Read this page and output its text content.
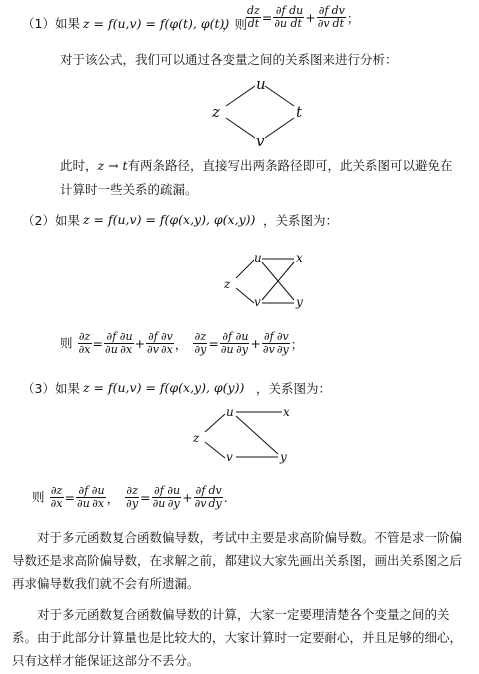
（1）如果 z = f(u,v) = f(φ(t), φ(t))
，则
$\frac{dz}{dt} = \frac{\partial f}{\partial u} \frac{du}{dt} + \frac{\partial f}{\partial v} \frac{dv}{dt}$ ；
对于该公式，我们可以通过各变量之间的关系图来进行分析：
z
u
v
t
z
u
v
x
y
z
u
v
x
y
此时，z → t有两条路径，直接写出两条路径即可，此关系图可以避免在
计算时一些关系的疏漏。
（2）如果 z = f(u,v) = f(φ(x,y), φ(x,y)) ，关系图为：
则 $\frac{\partial z}{\partial x} = \frac{\partial f}{\partial u} \frac{\partial u}{\partial x} + \frac{\partial f}{\partial v} \frac{\partial v}{\partial x}$ ， $\frac{\partial z}{\partial y} = \frac{\partial f}{\partial u} \frac{\partial u}{\partial y} + \frac{\partial f}{\partial v} \frac{\partial v}{\partial y}$ ；
（3）如果 z = f(u,v) = f(φ(x,y), φ(y)) ，关系图为：
则 $\frac{\partial z}{\partial x} = \frac{\partial f}{\partial u} \frac{\partial u}{\partial x}$ ， $\frac{\partial z}{\partial y} = \frac{\partial f}{\partial u} \frac{\partial u}{\partial y} + \frac{\partial f}{\partial v} \frac{dv}{dy}$ .
对于多元函数复合函数偏导数，考试中主要是求高阶偏导数。不管是求一阶偏导数还是求高阶偏导数，在求解之前，都建议大家先画出关系图，画出关系图之后再求偏导数我们就不会有所遗漏。
对于多元函数复合函数偏导数的计算，大家一定要理清楚各个变量之间的关系。由于此部分计算量也是比较大的，大家计算时一定要耐心，并且足够的细心，只有这样才能保证这部分不丢分。
